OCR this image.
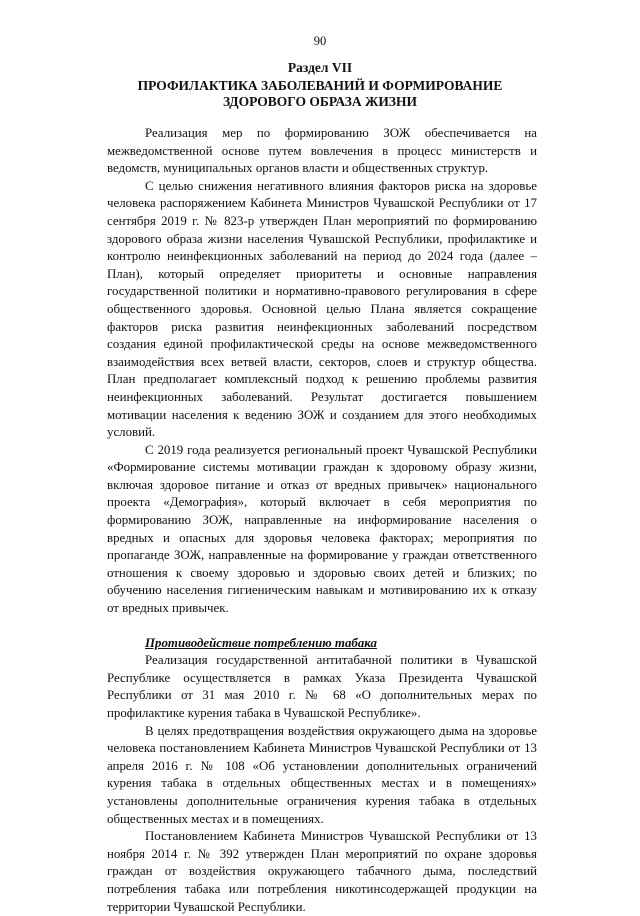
90
Раздел VII
ПРОФИЛАКТИКА ЗАБОЛЕВАНИЙ И ФОРМИРОВАНИЕ
ЗДОРОВОГО ОБРАЗА ЖИЗНИ

Реализация мер по формированию ЗОЖ обеспечивается на межведомственной основе путем вовлечения в процесс министерств и ведомств, муниципальных органов власти и общественных структур.

С целью снижения негативного влияния факторов риска на здоровье человека распоряжением Кабинета Министров Чувашской Республики от 17 сентября 2019 г. № 823-р утвержден План мероприятий по формированию здорового образа жизни населения Чувашской Республики, профилактике и контролю неинфекционных заболеваний на период до 2024 года (далее – План), который определяет приоритеты и основные направления государственной политики и нормативно-правового регулирования в сфере общественного здоровья. Основной целью Плана является сокращение факторов риска развития неинфекционных заболеваний посредством создания единой профилактической среды на основе межведомственного взаимодействия всех ветвей власти, секторов, слоев и структур общества. План предполагает комплексный подход к решению проблемы развития неинфекционных заболеваний. Результат достигается повышением мотивации населения к ведению ЗОЖ и созданием для этого необходимых условий.

С 2019 года реализуется региональный проект Чувашской Республики «Формирование системы мотивации граждан к здоровому образу жизни, включая здоровое питание и отказ от вредных привычек» национального проекта «Демография», который включает в себя мероприятия по формированию ЗОЖ, направленные на информирование населения о вредных и опасных для здоровья человека факторах; мероприятия по пропаганде ЗОЖ, направленные на формирование у граждан ответственного отношения к своему здоровью и здоровью своих детей и близких; по обучению населения гигиеническим навыкам и мотивированию их к отказу от вредных привычек.

Противодействие потреблению табака

Реализация государственной антитабачной политики в Чувашской Республике осуществляется в рамках Указа Президента Чувашской Республики от 31 мая 2010 г. № 68 «О дополнительных мерах по профилактике курения табака в Чувашской Республике».

В целях предотвращения воздействия окружающего дыма на здоровье человека постановлением Кабинета Министров Чувашской Республики от 13 апреля 2016 г. № 108 «Об установлении дополнительных ограничений курения табака в отдельных общественных местах и в помещениях» установлены дополнительные ограничения курения табака в отдельных общественных местах и в помещениях.

Постановлением Кабинета Министров Чувашской Республики от 13 ноября 2014 г. № 392 утвержден План мероприятий по охране здоровья граждан от воздействия окружающего табачного дыма, последствий потребления табака или потребления никотинсодержащей продукции на территории Чувашской Республики.
